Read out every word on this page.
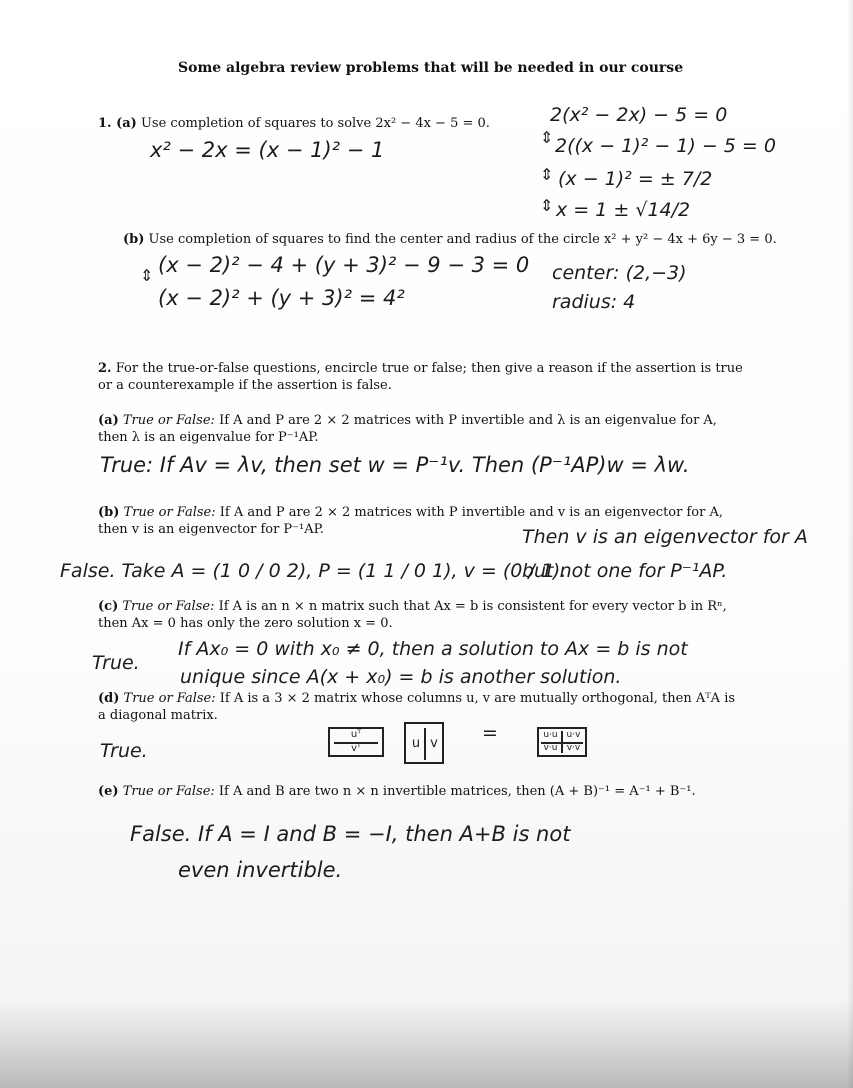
Some algebra review problems that will be needed in our course
1. (a) Use completion of squares to solve 2x² − 4x − 5 = 0.
x² − 2x = (x − 1)² − 1
2(x² − 2x) − 5 = 0
⇕ 2((x − 1)² − 1) − 5 = 0
⇕ (x − 1)² = ± 7/2
⇕ x = 1 ± √14/2
(b) Use completion of squares to find the center and radius of the circle x² + y² − 4x + 6y − 3 = 0.
⇕ (x − 2)² − 4 + (y + 3)² − 9 − 3 = 0
(x − 2)² + (y + 3)² = 4²
center: (2,−3)
radius: 4
2. For the true-or-false questions, encircle true or false; then give a reason if the assertion is true or a counterexample if the assertion is false.
(a) True or False: If A and P are 2 × 2 matrices with P invertible and λ is an eigenvalue for A, then λ is an eigenvalue for P⁻¹AP.
True: If Av = λv, then set w = P⁻¹v. Then (P⁻¹AP)w = λw.
(b) True or False: If A and P are 2 × 2 matrices with P invertible and v is an eigenvector for A, then v is an eigenvector for P⁻¹AP.	Then v is an eigenvector for A
False. Take A = (1 0 / 0 2), P = (1 1 / 0 1), v = (0 / 1).
but not one for P⁻¹AP.
(c) True or False: If A is an n × n matrix such that Ax = b is consistent for every vector b in Rⁿ, then Ax = 0 has only the zero solution x = 0.
If Ax₀ = 0 with x₀ ≠ 0, then a solution to Ax = b is not
True.
unique since A(x + x₀) = b is another solution.
(d) True or False: If A is a 3 × 2 matrix whose columns u, v are mutually orthogonal, then AᵀA is a diagonal matrix.
True.
uᵀ
vᵀ	u v =	u·u u·v
v·u	v·v
(e) True or False: If A and B are two n × n invertible matrices, then (A + B)⁻¹ = A⁻¹ + B⁻¹.
False. If A = I and B = −I, then A+B is not
even invertible.
